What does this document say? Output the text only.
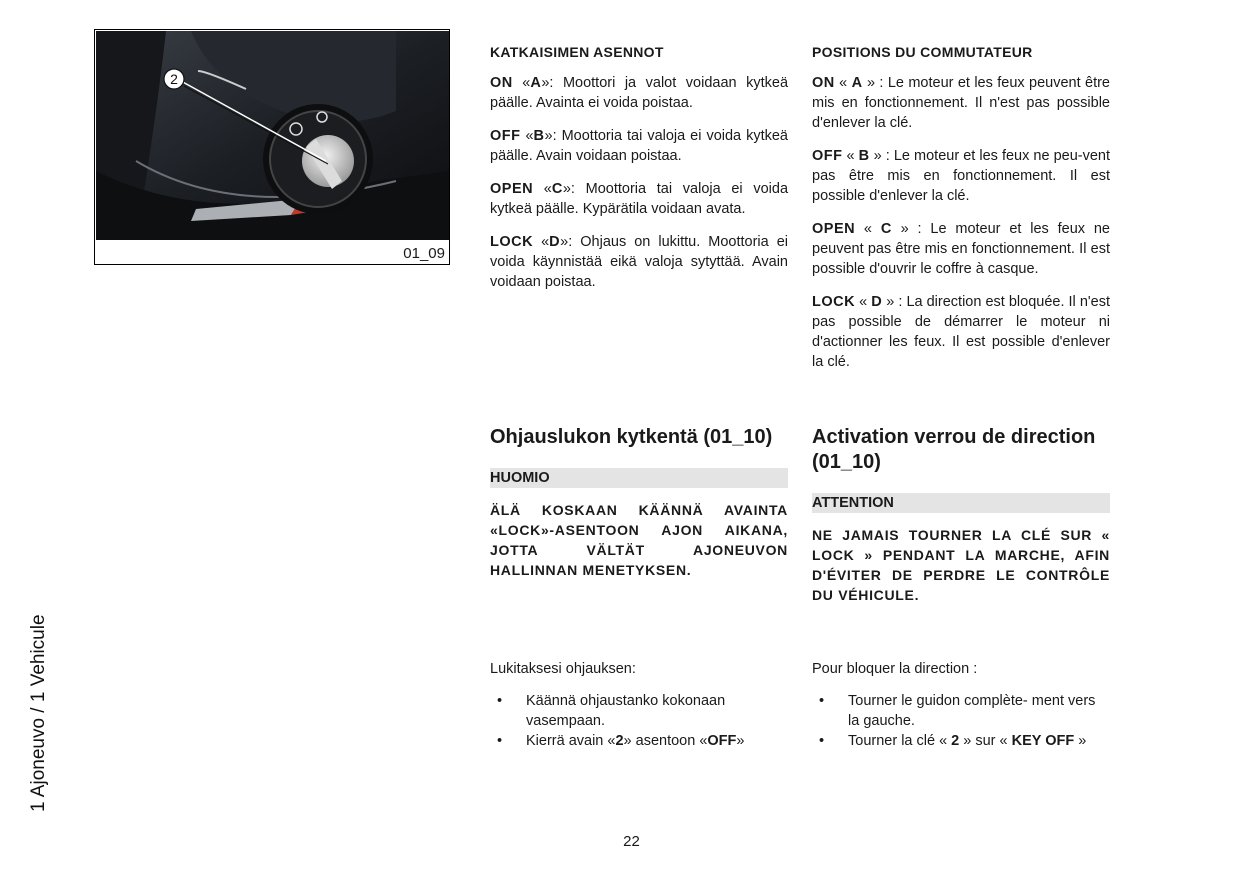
1 Ajoneuvo / 1 Vehicule
2
01_09
KATKAISIMEN ASENNOT

ON «A»: Moottori ja valot voidaan kytkeä päälle. Avainta ei voida poistaa.

OFF «B»: Moottoria tai valoja ei voida kytkeä päälle. Avain voidaan poistaa.

OPEN «C»: Moottoria tai valoja ei voida kytkeä päälle. Kypärätila voidaan avata.

LOCK «D»: Ohjaus on lukittu. Moottoria ei voida käynnistää eikä valoja sytyttää. Avain voidaan poistaa.

Ohjauslukon kytkentä (01_10)
HUOMIO

ÄLÄ KOSKAAN KÄÄNNÄ AVAINTA «LOCK»-ASENTOON AJON AIKANA, JOTTA VÄLTÄT AJONEUVON HALLINNAN MENETYKSEN.

Lukitaksesi ohjauksen:

• Käännä ohjaustanko kokonaan vasempaan.
• Kierrä avain «2» asentoon «OFF»
POSITIONS DU COMMUTATEUR

ON « A » : Le moteur et les feux peuvent être mis en fonctionnement. Il n'est pas possible d'enlever la clé.

OFF « B » : Le moteur et les feux ne peu-vent pas être mis en fonctionnement. Il est possible d'enlever la clé.

OPEN « C » : Le moteur et les feux ne peuvent pas être mis en fonctionnement. Il est possible d'ouvrir le coffre à casque.

LOCK « D » : La direction est bloquée. Il n'est pas possible de démarrer le moteur ni d'actionner les feux. Il est possible d'enlever la clé.

Activation verrou de direction (01_10)
ATTENTION

NE JAMAIS TOURNER LA CLÉ SUR « LOCK » PENDANT LA MARCHE, AFIN D'ÉVITER DE PERDRE LE CONTRÔLE DU VÉHICULE.

Pour bloquer la direction :

• Tourner le guidon complète- ment vers la gauche.
• Tourner la clé « 2 » sur « KEY OFF »
22
